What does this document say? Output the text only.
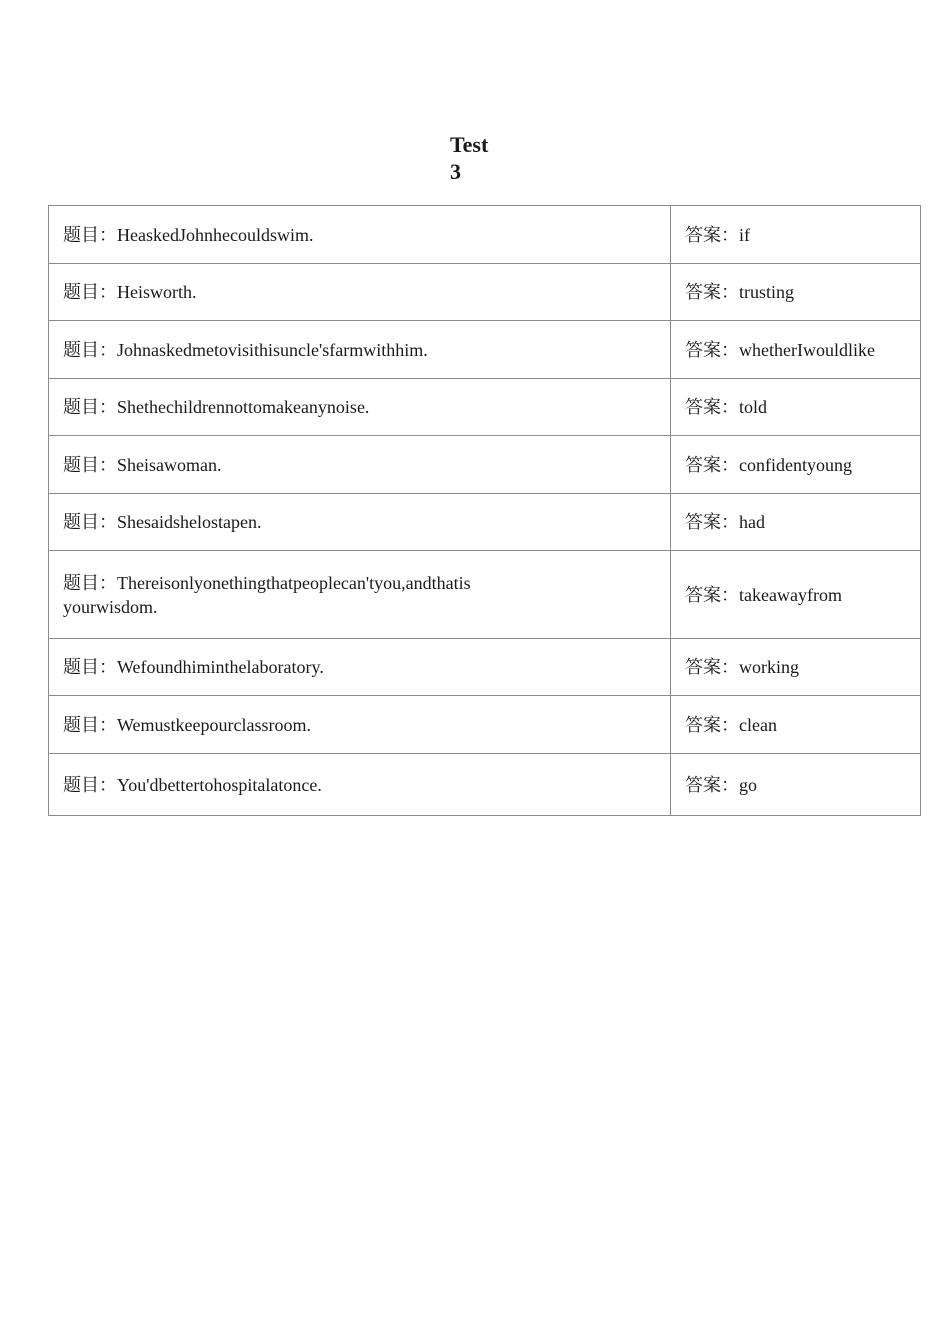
Test
3
题目：HeaskedJohnhecouldswim.	答案：if
题目：Heisworth.	答案：trusting
题目：Johnaskedmetovisithisuncle'sfarmwithhim.	答案：whetherIwouldlike
题目：Shethechildrennottomakeanynoise.	答案：told
题目：Sheisawoman.	答案：confidentyoung
题目：Shesaidshelostapen.	答案：had
题目：Thereisonlyonethingthatpeoplecan'tyou,andthatis yourwisdom.	答案：takeawayfrom
题目：Wefoundhiminthelaboratory.	答案：working
题目：Wemustkeepourclassroom.	答案：clean
题目：You'dbettertohospitalatonce.	答案：go
